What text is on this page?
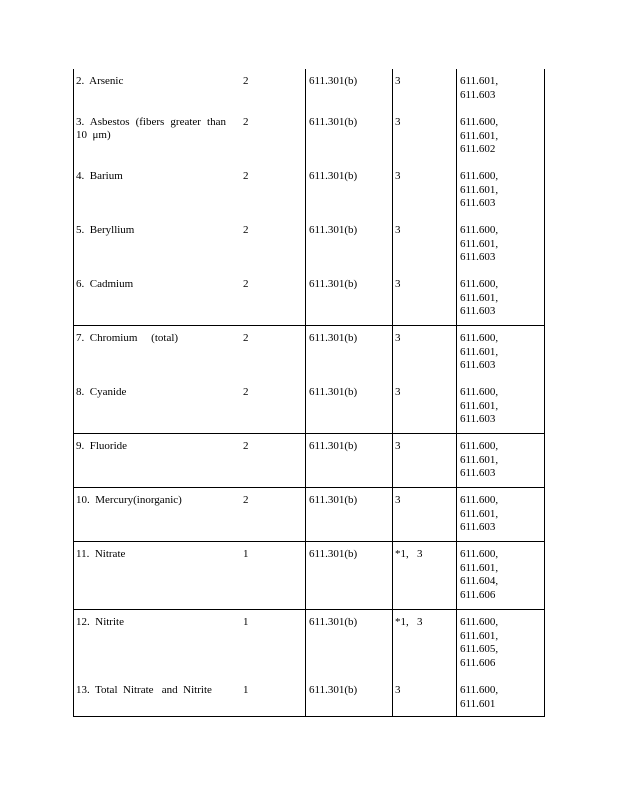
2.  Arsenic	2	611.301(b)	3	611.601,
611.603
3.  Asbestos  (fibers  greater  than
10  μm)
2	611.301(b)	3	611.600,
611.601,
611.602
4.  Barium	2	611.301(b)	3	611.600,
611.601,
611.603
5.  Beryllium	2	611.301(b)	3	611.600,
611.601,
611.603
6.  Cadmium	2	611.301(b)	3	611.600,
611.601,
611.603
7.  Chromium     (total)	2	611.301(b)	3	611.600,
611.601,
611.603
8.  Cyanide	2	611.301(b)	3	611.600,
611.601,
611.603
9.  Fluoride	2	611.301(b)	3	611.600,
611.601,
611.603
10.  Mercury(inorganic)	2	611.301(b)	3	611.600,
611.601,
611.603
11.  Nitrate	1	611.301(b)	*1,   3	611.600,
611.601,
611.604,
611.606
12.  Nitrite	1	611.301(b)	*1,   3	611.600,
611.601,
611.605,
611.606
13.  Total  Nitrate   and  Nitrite	1	611.301(b)	3	611.600,
611.601
